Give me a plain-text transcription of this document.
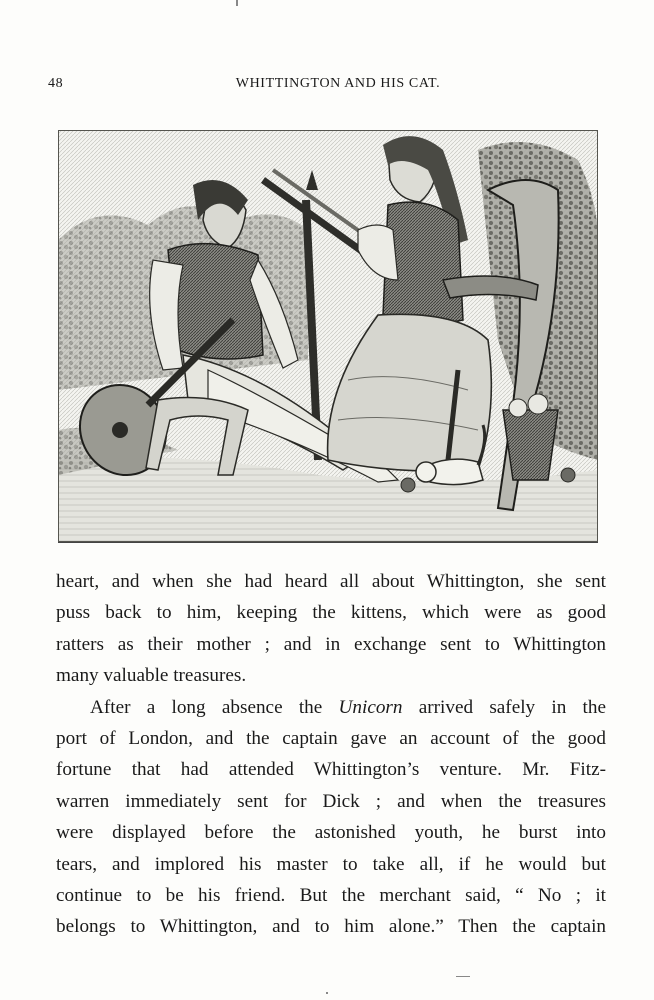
48	WHITTINGTON AND HIS CAT.
heart, and when she had heard all about Whittington, she sent
puss back to him, keeping the kittens, which were as good
ratters as their mother ; and in exchange sent to Whittington
many valuable treasures.
After a long absence the Unicorn arrived safely in the
port of London, and the captain gave an account of the good
fortune that had attended Whittington’s venture. Mr. Fitz-
warren immediately sent for Dick ; and when the treasures
were displayed before the astonished youth, he burst into
tears, and implored his master to take all, if he would but
continue to be his friend. But the merchant said, “ No ; it
belongs to Whittington, and to him alone.” Then the captain
